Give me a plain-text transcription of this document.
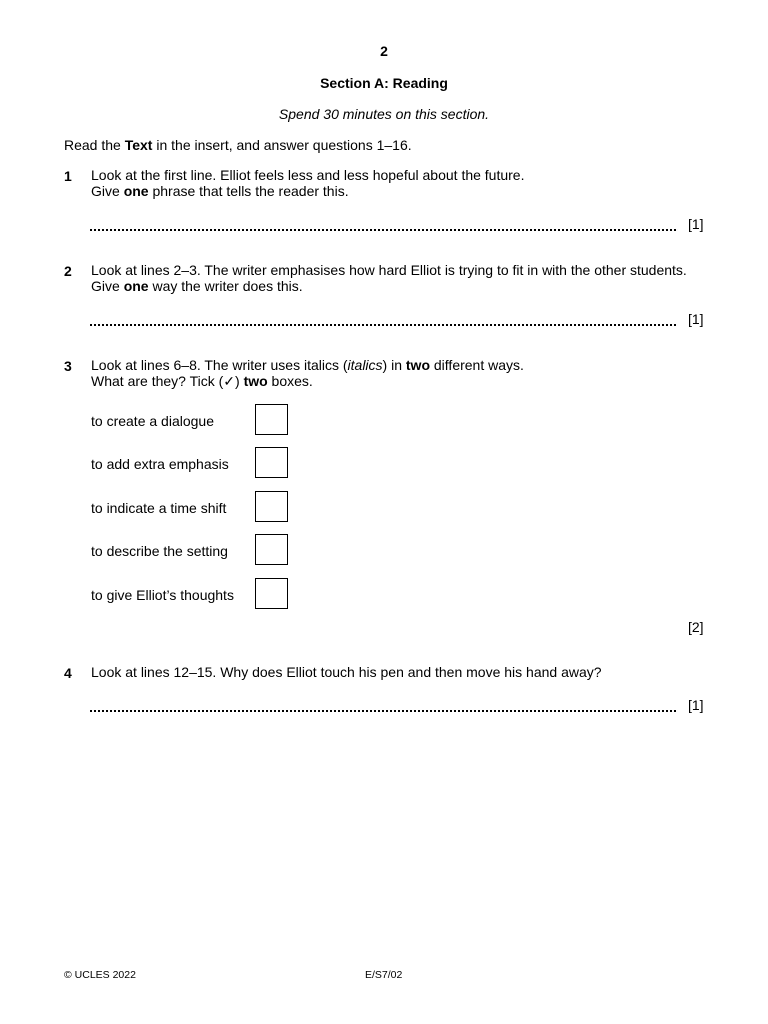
2
Section A: Reading
Spend 30 minutes on this section.
Read the Text in the insert, and answer questions 1–16.
1 Look at the first line. Elliot feels less and less hopeful about the future.
Give one phrase that tells the reader this.
[1]
2 Look at lines 2–3. The writer emphasises how hard Elliot is trying to fit in with the other students.
Give one way the writer does this.
[1]
3 Look at lines 6–8. The writer uses italics (italics) in two different ways.
What are they? Tick (✓) two boxes.
to create a dialogue
to add extra emphasis
to indicate a time shift
to describe the setting
to give Elliot’s thoughts
[2]
4 Look at lines 12–15. Why does Elliot touch his pen and then move his hand away?
[1]
© UCLES 2022	E/S7/02
